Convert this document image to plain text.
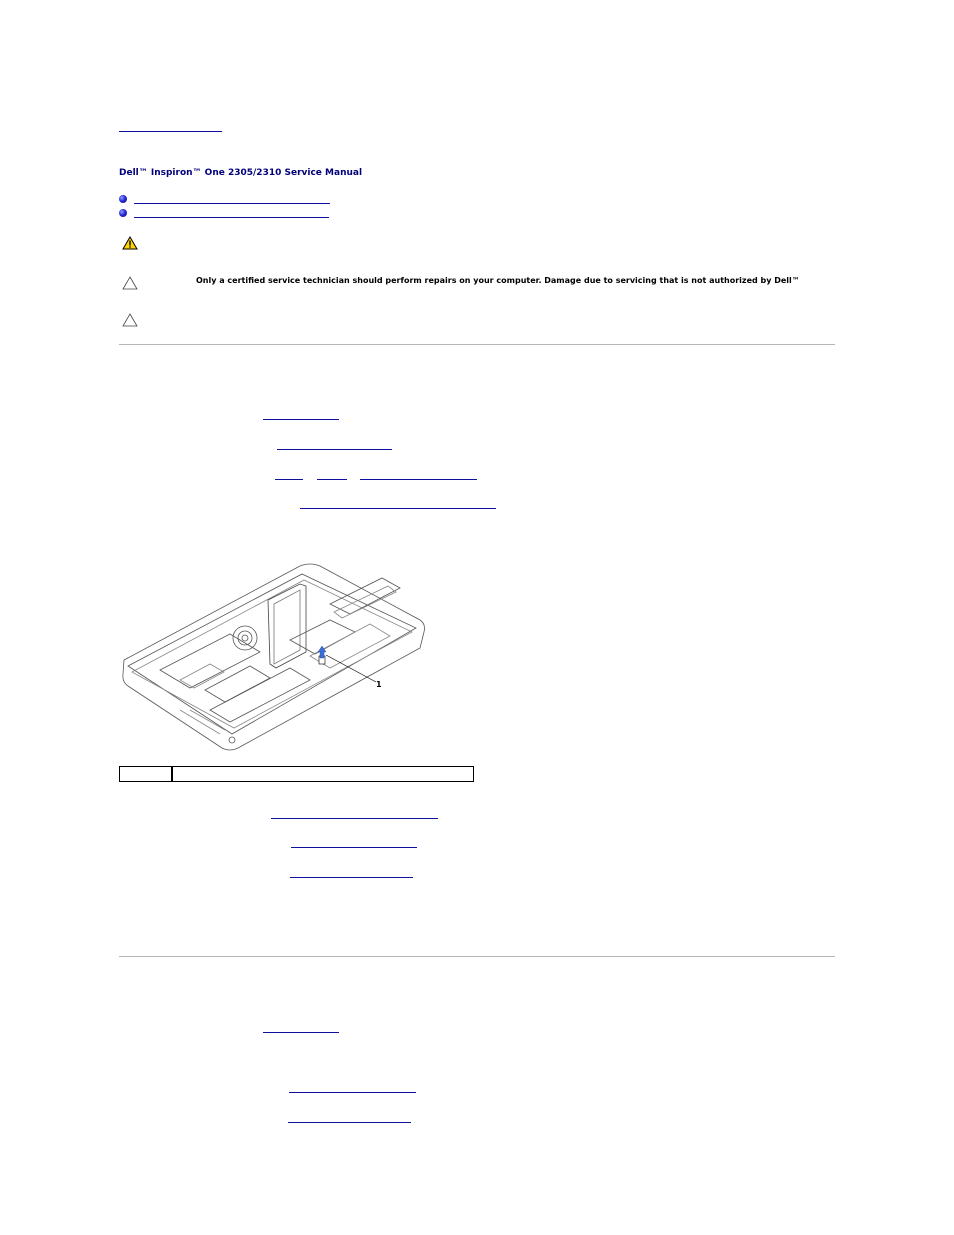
Dell™ Inspiron™ One 2305/2310 Service Manual
Only a certified service technician should perform repairs on your computer. Damage due to servicing that is not authorized by Dell™
1
